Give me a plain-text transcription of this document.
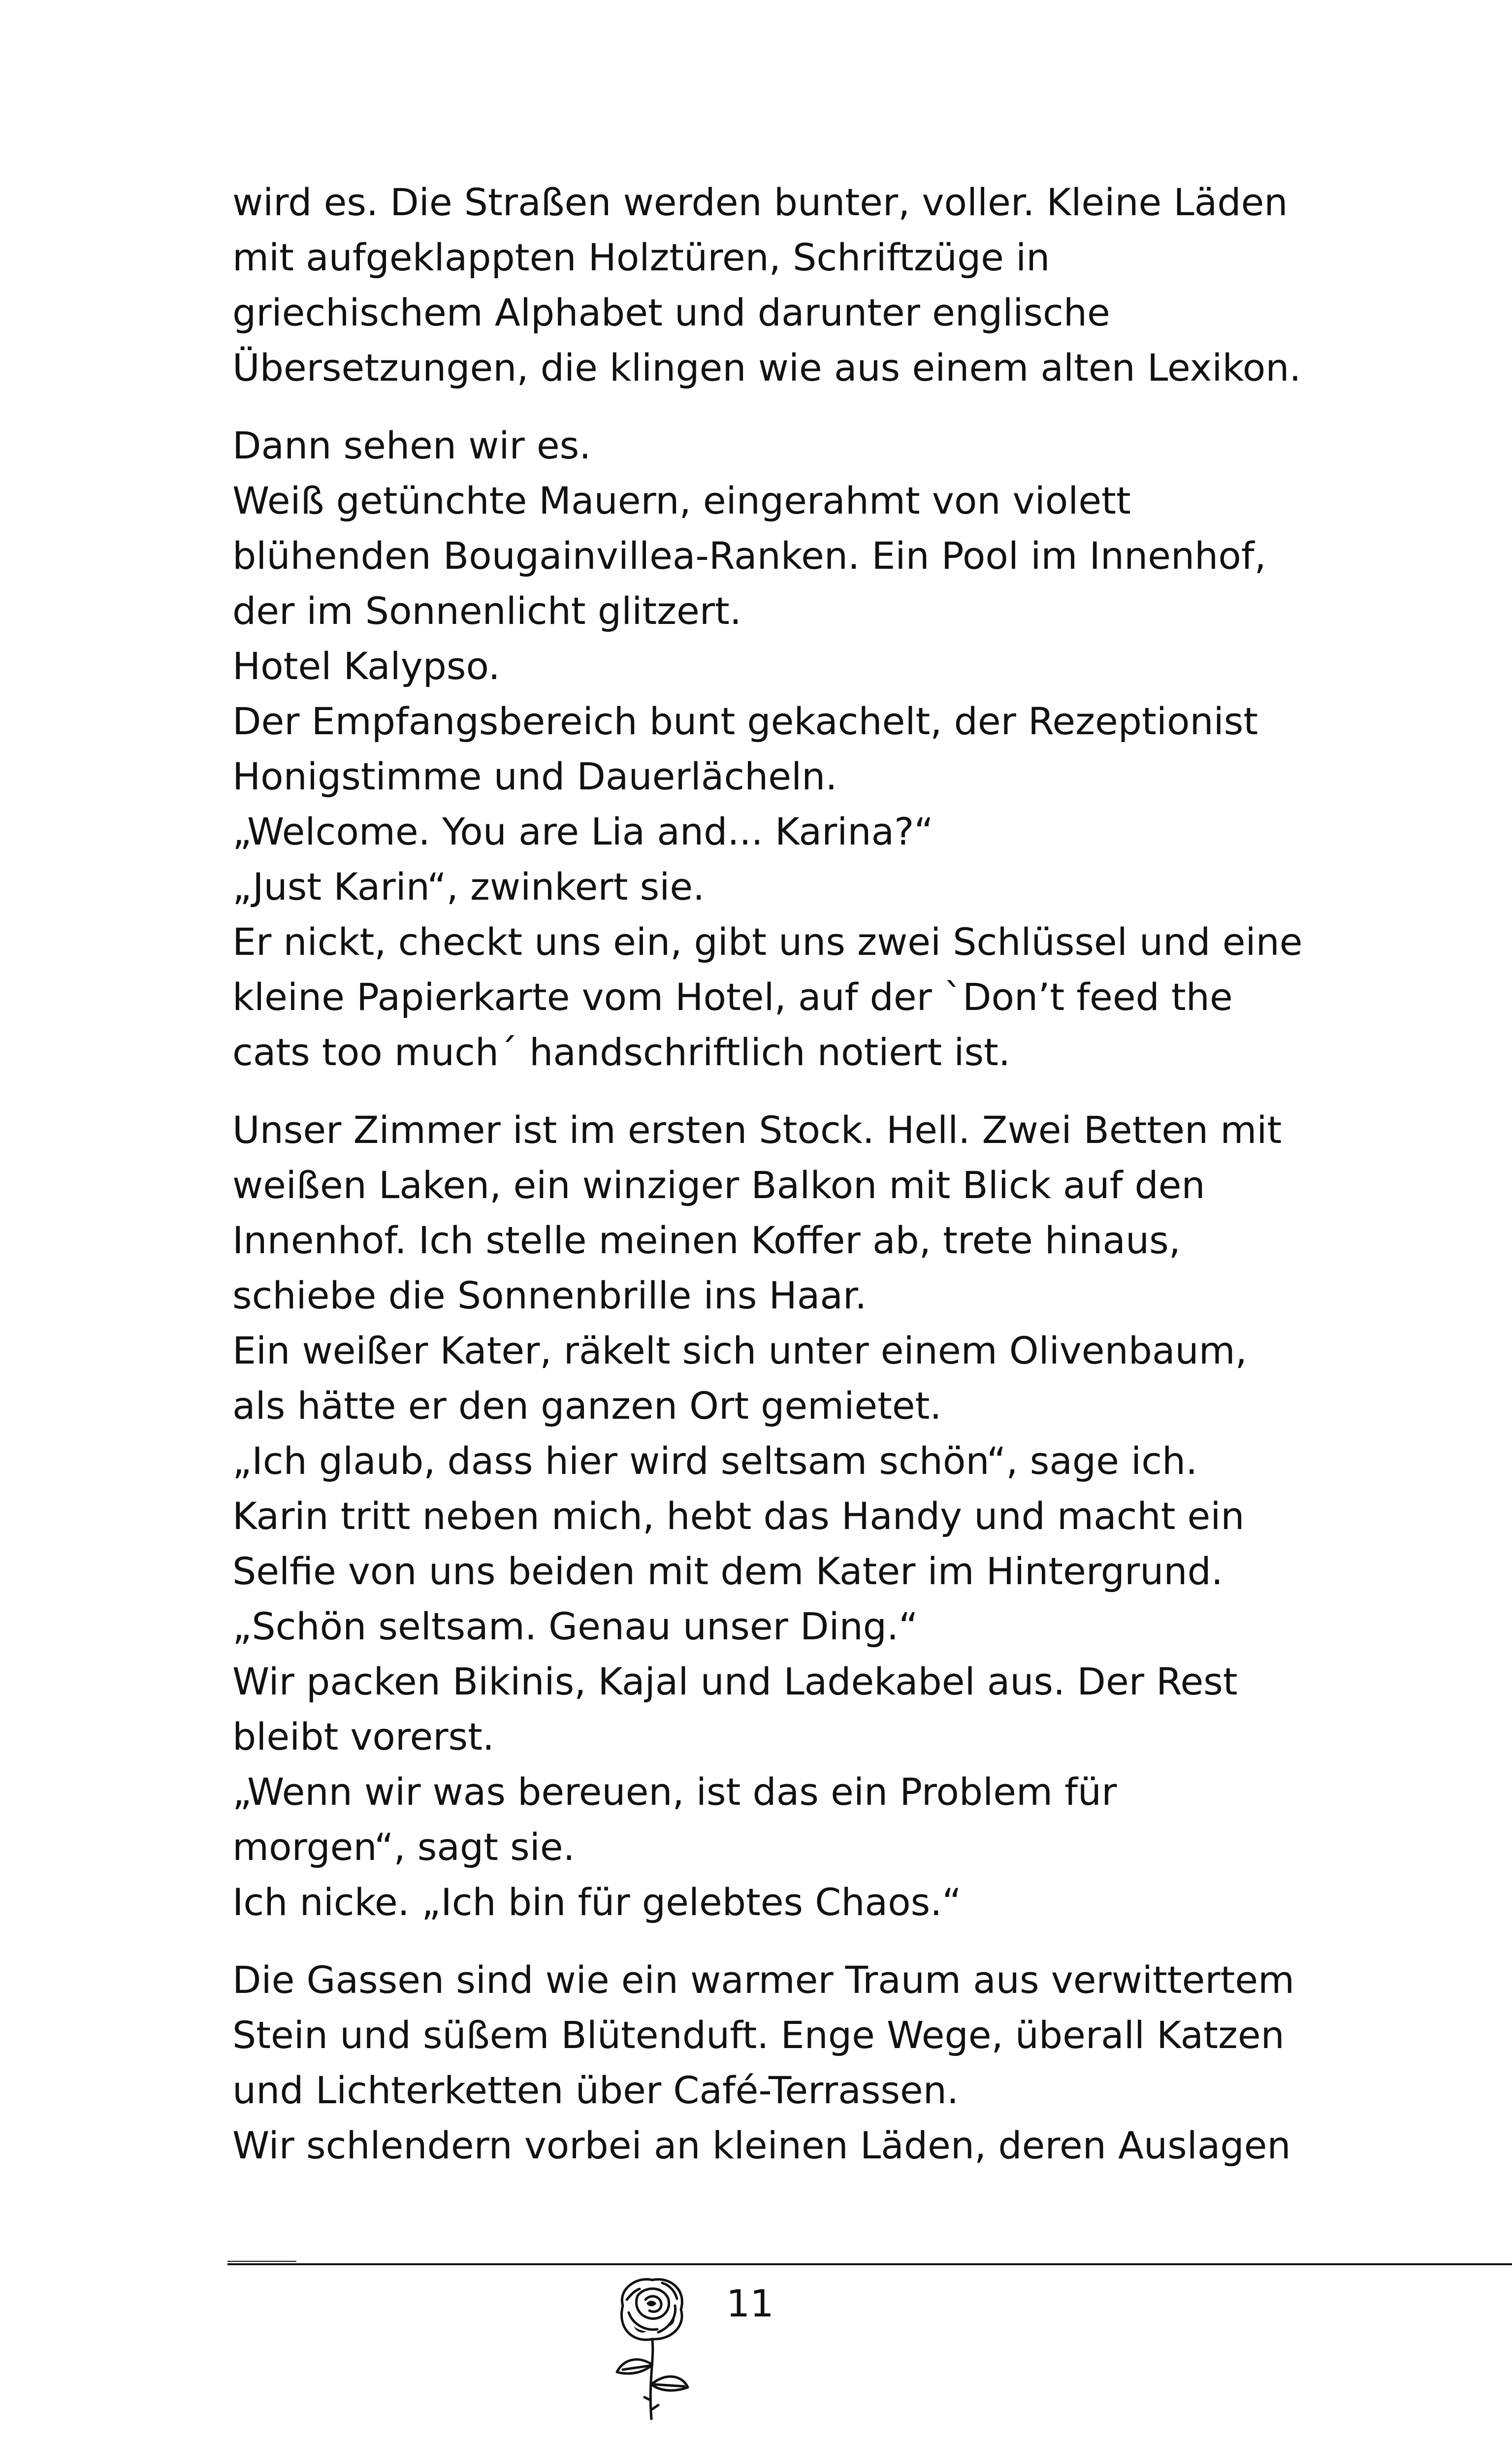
wird es. Die Straßen werden bunter, voller. Kleine Läden
mit aufgeklappten Holztüren, Schriftzüge in
griechischem Alphabet und darunter englische
Übersetzungen, die klingen wie aus einem alten Lexikon.
Dann sehen wir es.
Weiß getünchte Mauern, eingerahmt von violett
blühenden Bougainvillea-Ranken. Ein Pool im Innenhof,
der im Sonnenlicht glitzert.
Hotel Kalypso.
Der Empfangsbereich bunt gekachelt, der Rezeptionist
Honigstimme und Dauerlächeln.
„Welcome. You are Lia and... Karina?“
„Just Karin“, zwinkert sie.
Er nickt, checkt uns ein, gibt uns zwei Schlüssel und eine
kleine Papierkarte vom Hotel, auf der `Don’t feed the
cats too much´ handschriftlich notiert ist.
Unser Zimmer ist im ersten Stock. Hell. Zwei Betten mit
weißen Laken, ein winziger Balkon mit Blick auf den
Innenhof. Ich stelle meinen Koffer ab, trete hinaus,
schiebe die Sonnenbrille ins Haar.
Ein weißer Kater, räkelt sich unter einem Olivenbaum,
als hätte er den ganzen Ort gemietet.
„Ich glaub, dass hier wird seltsam schön“, sage ich.
Karin tritt neben mich, hebt das Handy und macht ein
Selfie von uns beiden mit dem Kater im Hintergrund.
„Schön seltsam. Genau unser Ding.“
Wir packen Bikinis, Kajal und Ladekabel aus. Der Rest
bleibt vorerst.
„Wenn wir was bereuen, ist das ein Problem für
morgen“, sagt sie.
Ich nicke. „Ich bin für gelebtes Chaos.“
Die Gassen sind wie ein warmer Traum aus verwittertem
Stein und süßem Blütenduft. Enge Wege, überall Katzen
und Lichterketten über Café-Terrassen.
Wir schlendern vorbei an kleinen Läden, deren Auslagen
11
